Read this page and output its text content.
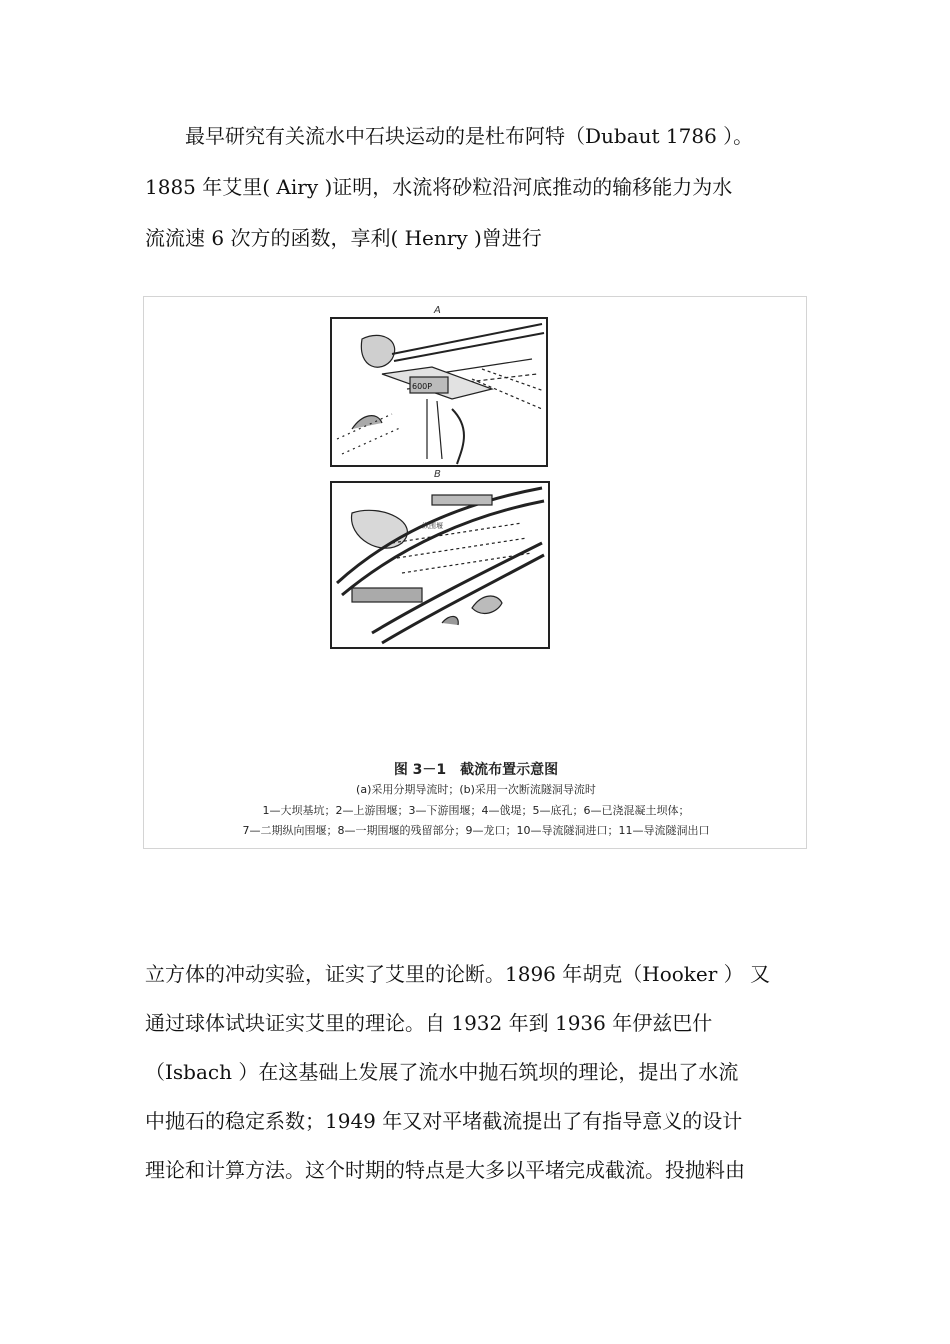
　　最早研究有关流水中石块运动的是杜布阿特（Dubaut 1786 ）。
1885 年艾里( Airy )证明，水流将砂粒沿河底推动的输移能力为水
流流速 6 次方的函数，享利( Henry )曾进行
600P
A
纵围堰
B
图 3－1　截流布置示意图
(a)采用分期导流时；(b)采用一次断流隧洞导流时
1—大坝基坑；2—上游围堰；3—下游围堰；4—戗堤；5—底孔；6—已浇混凝土坝体；
7—二期纵向围堰；8—一期围堰的残留部分；9—龙口；10—导流隧洞进口；11—导流隧洞出口
立方体的冲动实验，证实了艾里的论断。1896 年胡克（Hooker ） 又
通过球体试块证实艾里的理论。自 1932 年到 1936 年伊兹巴什
（Isbach ）在这基础上发展了流水中抛石筑坝的理论，提出了水流
中抛石的稳定系数；1949 年又对平堵截流提出了有指导意义的设计
理论和计算方法。这个时期的特点是大多以平堵完成截流。投抛料由
